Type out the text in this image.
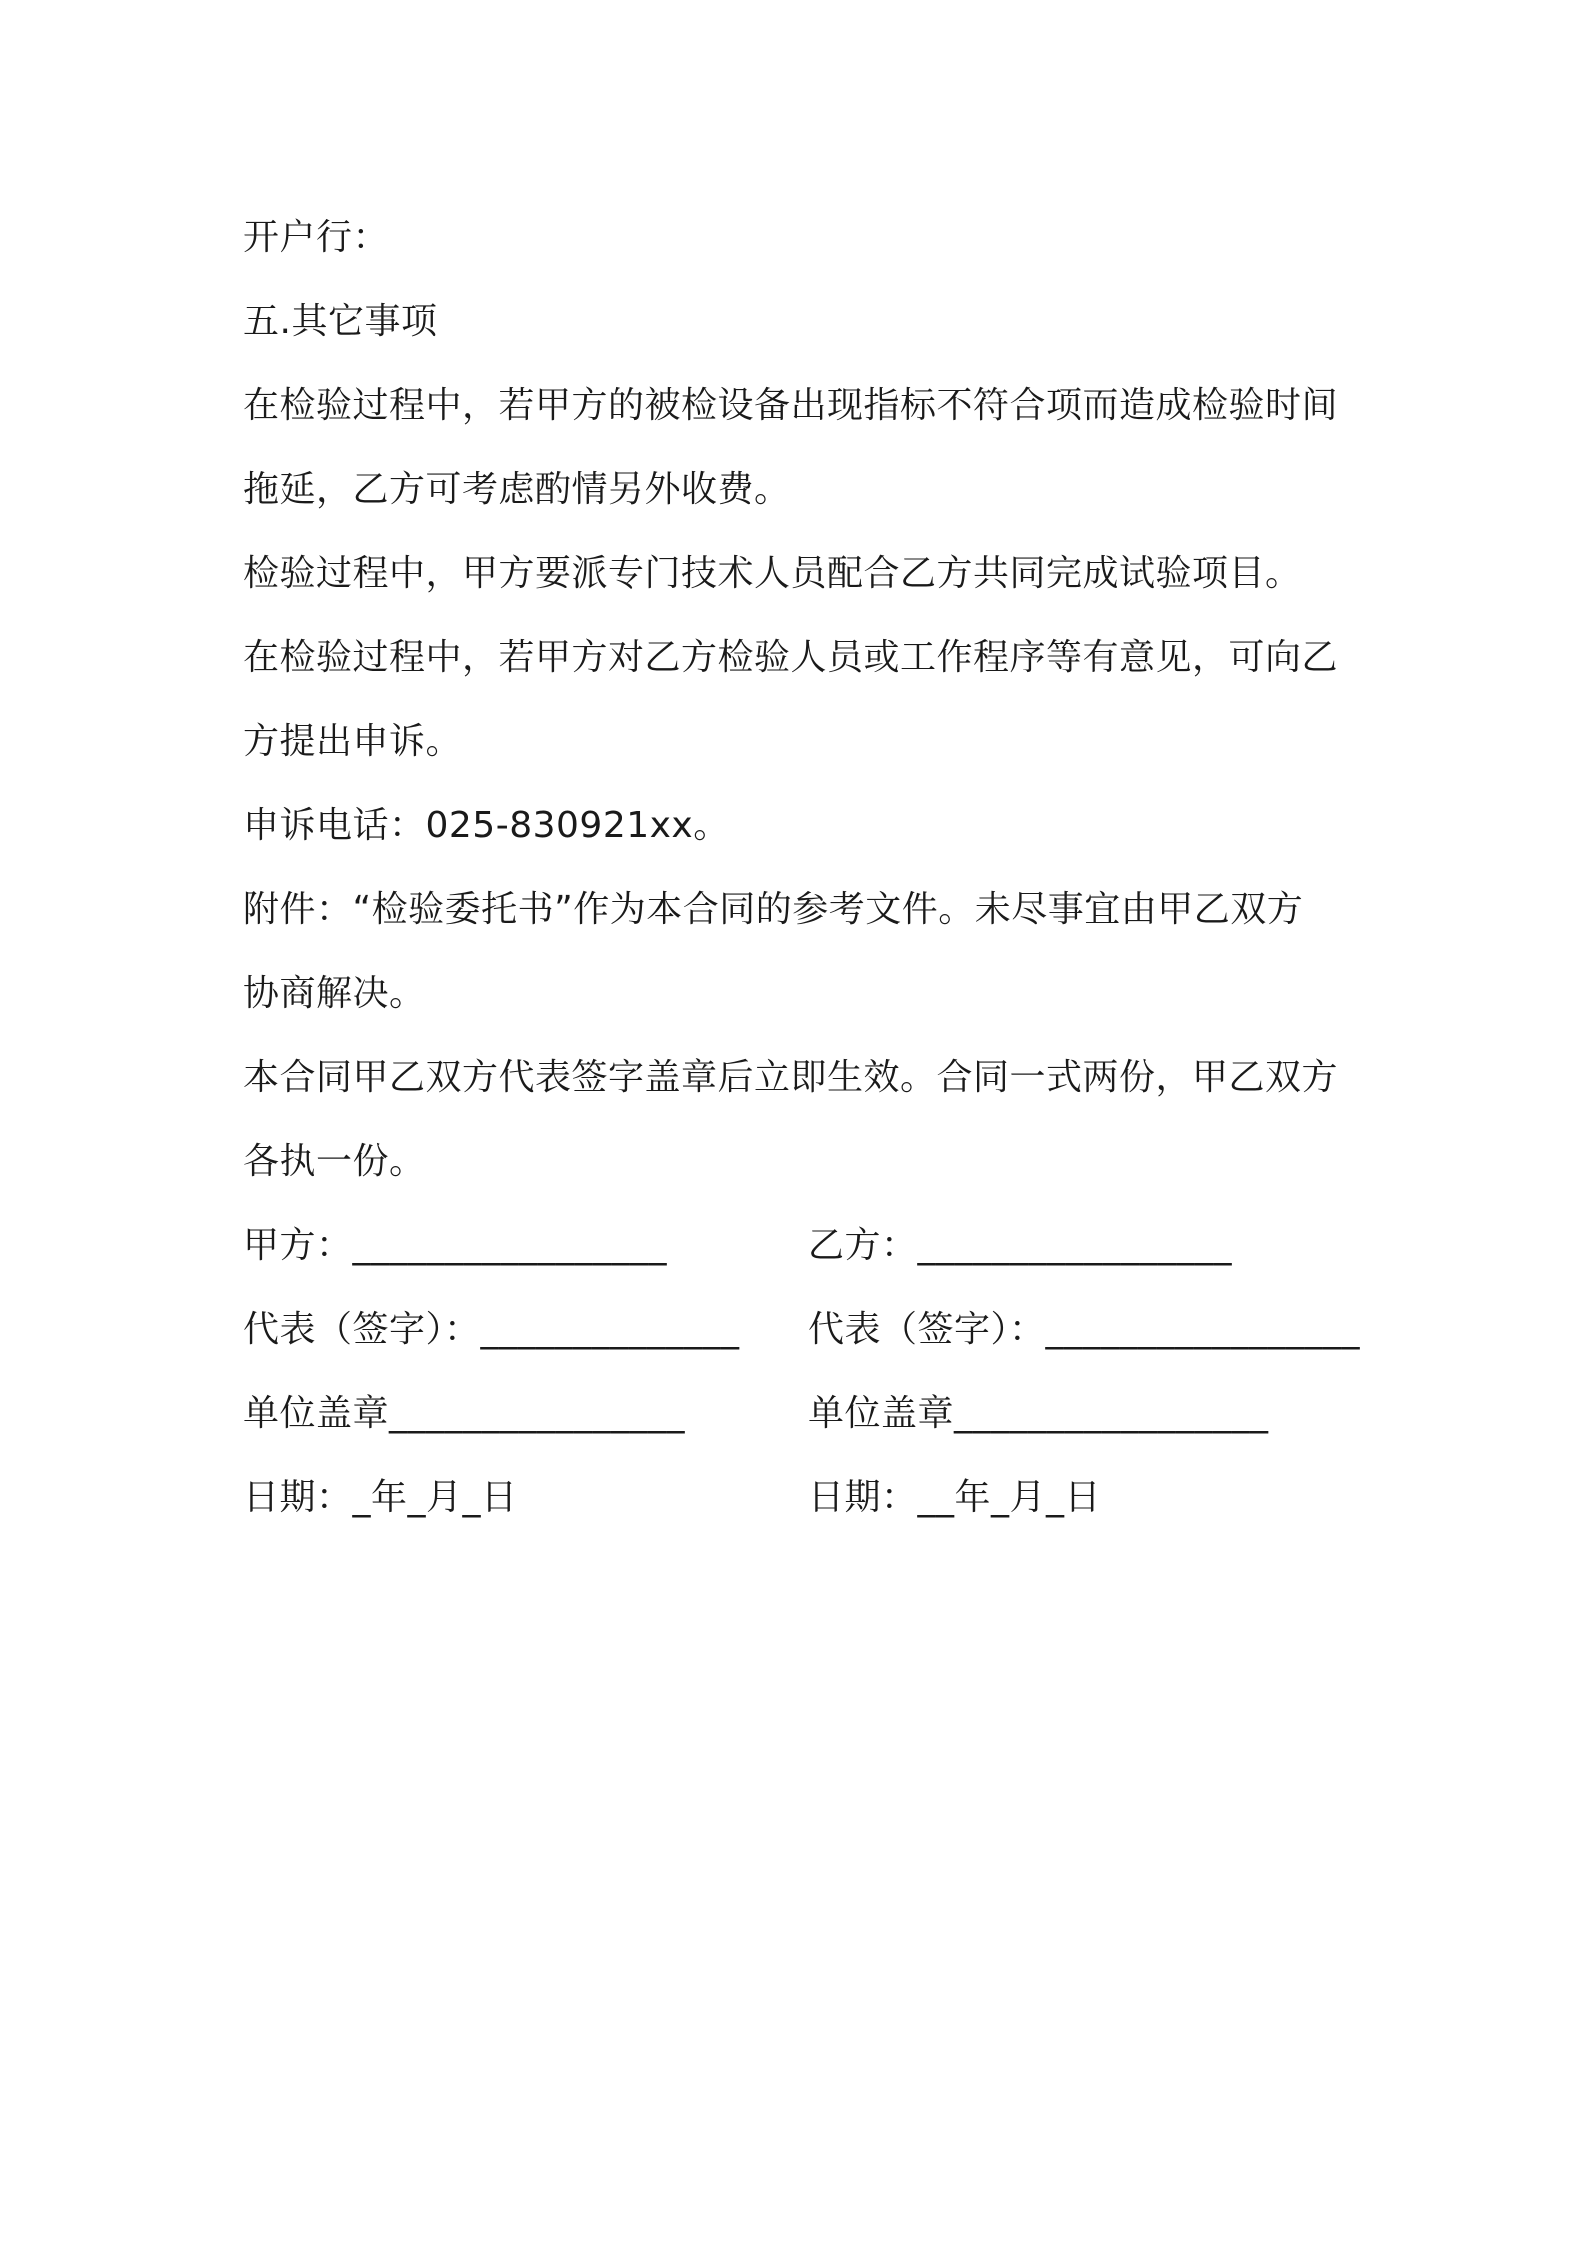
开户行：
五.其它事项
在检验过程中，若甲方的被检设备出现指标不符合项而造成检验时间
拖延，乙方可考虑酌情另外收费。
检验过程中，甲方要派专门技术人员配合乙方共同完成试验项目。
在检验过程中，若甲方对乙方检验人员或工作程序等有意见，可向乙
方提出申诉。
申诉电话：025-830921xx。
附件：“检验委托书”作为本合同的参考文件。未尽事宜由甲乙双方
协商解决。
本合同甲乙双方代表签字盖章后立即生效。合同一式两份，甲乙双方
各执一份。
甲方：_________________	乙方：_________________
代表（签字）：______________ 代表（签字）：_________________
单位盖章________________	单位盖章_________________
日期：_年_月_日	日期：__年_月_日
